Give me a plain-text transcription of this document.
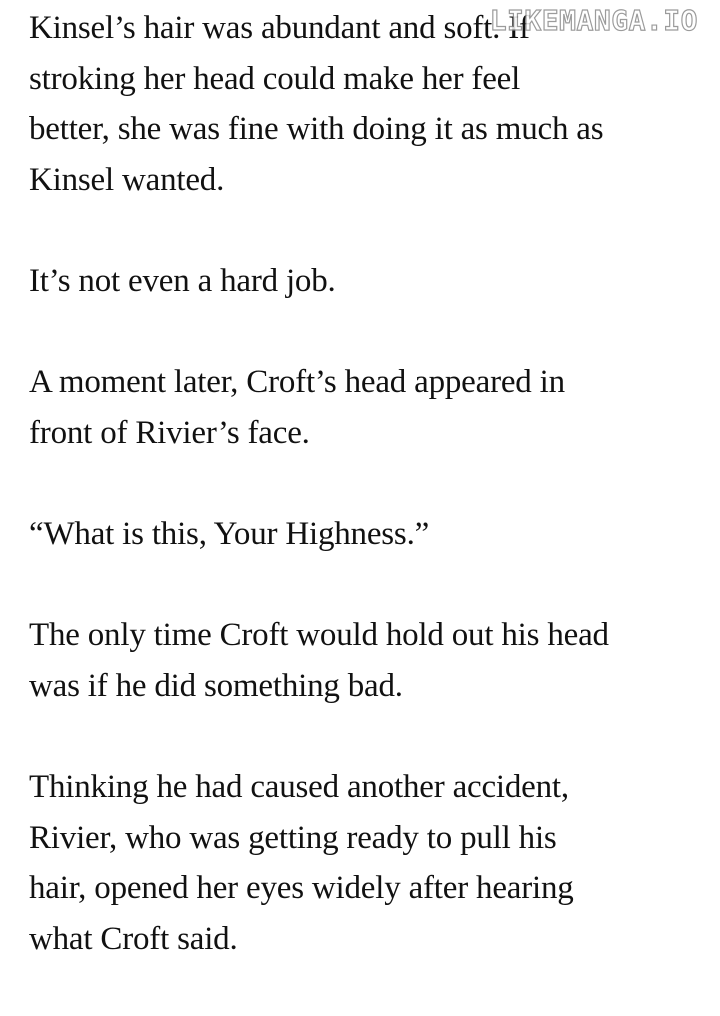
Kinsel’s hair was abundant and soft. If
stroking her head could make her feel
better, she was fine with doing it as much as
Kinsel wanted.
It’s not even a hard job.
A moment later, Croft’s head appeared in
front of Rivier’s face.
“What is this, Your Highness.”
The only time Croft would hold out his head
was if he did something bad.
Thinking he had caused another accident,
Rivier, who was getting ready to pull his
hair, opened her eyes widely after hearing
what Croft said.
LIKEMANGA.IO
